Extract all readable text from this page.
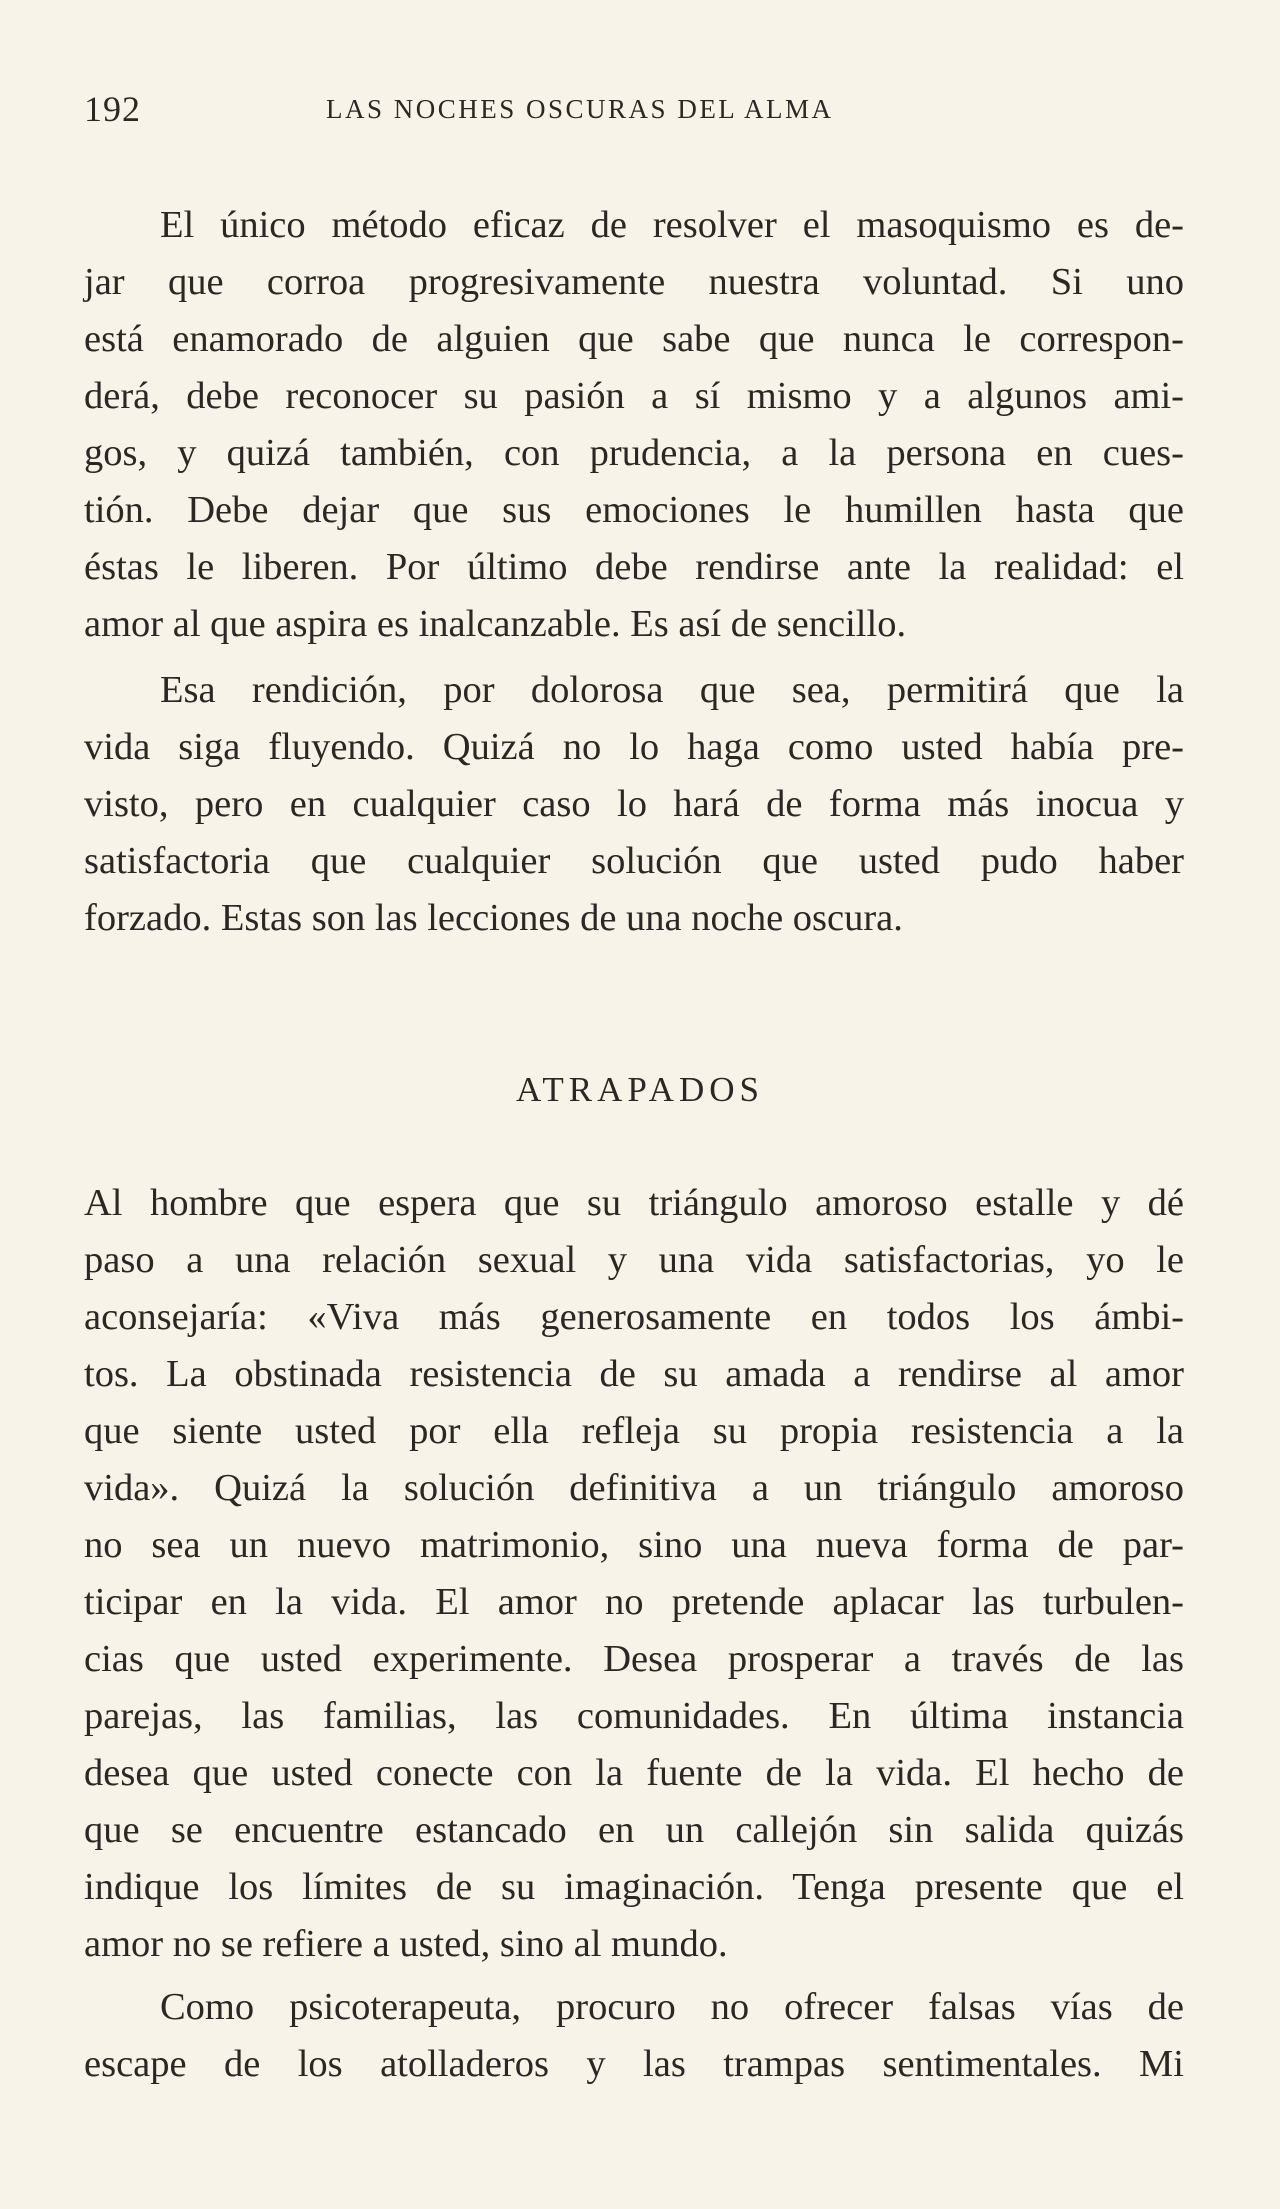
192	LAS NOCHES OSCURAS DEL ALMA
ATRAPADOS
El único método eficaz de resolver el masoquismo es de-
jar que corroa progresivamente nuestra voluntad. Si uno
está enamorado de alguien que sabe que nunca le correspon-
derá, debe reconocer su pasión a sí mismo y a algunos ami-
gos, y quizá también, con prudencia, a la persona en cues-
tión. Debe dejar que sus emociones le humillen hasta que
éstas le liberen. Por último debe rendirse ante la realidad: el
amor al que aspira es inalcanzable. Es así de sencillo.
Esa rendición, por dolorosa que sea, permitirá que la
vida siga fluyendo. Quizá no lo haga como usted había pre-
visto, pero en cualquier caso lo hará de forma más inocua y
satisfactoria que cualquier solución que usted pudo haber
forzado. Estas son las lecciones de una noche oscura.
Al hombre que espera que su triángulo amoroso estalle y dé
paso a una relación sexual y una vida satisfactorias, yo le
aconsejaría: «Viva más generosamente en todos los ámbi-
tos. La obstinada resistencia de su amada a rendirse al amor
que siente usted por ella refleja su propia resistencia a la
vida». Quizá la solución definitiva a un triángulo amoroso
no sea un nuevo matrimonio, sino una nueva forma de par-
ticipar en la vida. El amor no pretende aplacar las turbulen-
cias que usted experimente. Desea prosperar a través de las
parejas, las familias, las comunidades. En última instancia
desea que usted conecte con la fuente de la vida. El hecho de
que se encuentre estancado en un callejón sin salida quizás
indique los límites de su imaginación. Tenga presente que el
amor no se refiere a usted, sino al mundo.
Como psicoterapeuta, procuro no ofrecer falsas vías de
escape de los atolladeros y las trampas sentimentales. Mi
